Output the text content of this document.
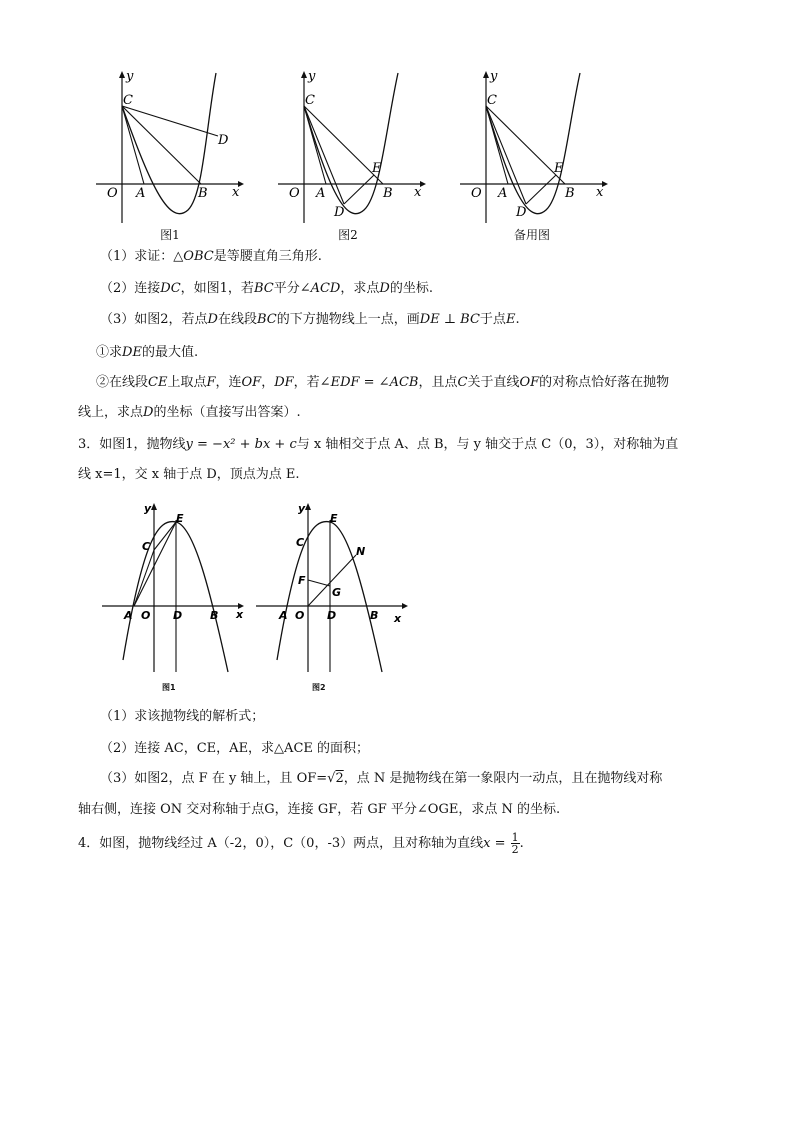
y
x
O A	B
C
D
图1
y
x
O A	B
C
D
E
图2
y
x
O A	B
C
D
E
备用图
（1）求证：△OBC是等腰直角三角形.
（2）连接DC，如图1，若BC平分∠ACD，求点D的坐标.
（3）如图2，若点D在线段BC的下方抛物线上一点，画DE ⊥ BC于点E.
①求DE的最大值.
②在线段CE上取点F，连OF，DF，若∠EDF = ∠ACB，且点C关于直线OF的对称点恰好落在抛物
线上，求点D的坐标（直接写出答案）.
3．如图1，抛物线y = −x² + bx + c与 x 轴相交于点 A、点 B，与 y 轴交于点 C（0，3），对称轴为直
线 x=1，交 x 轴于点 D，顶点为点 E.
y
x
O
A	B
C
D
E
图1
y
x
O
A	B
C
D
E
F
G
N
图2
（1）求该抛物线的解析式；
（2）连接 AC，CE，AE，求△ACE 的面积；
（3）如图2，点 F 在 y 轴上，且 OF=√2，点 N 是抛物线在第一象限内一动点，且在抛物线对称
轴右侧，连接 ON 交对称轴于点G，连接 GF，若 GF 平分∠OGE，求点 N 的坐标.
4．如图，抛物线经过 A（-2，0），C（0，-3）两点，且对称轴为直线$x = \frac{1}{2}$ .
